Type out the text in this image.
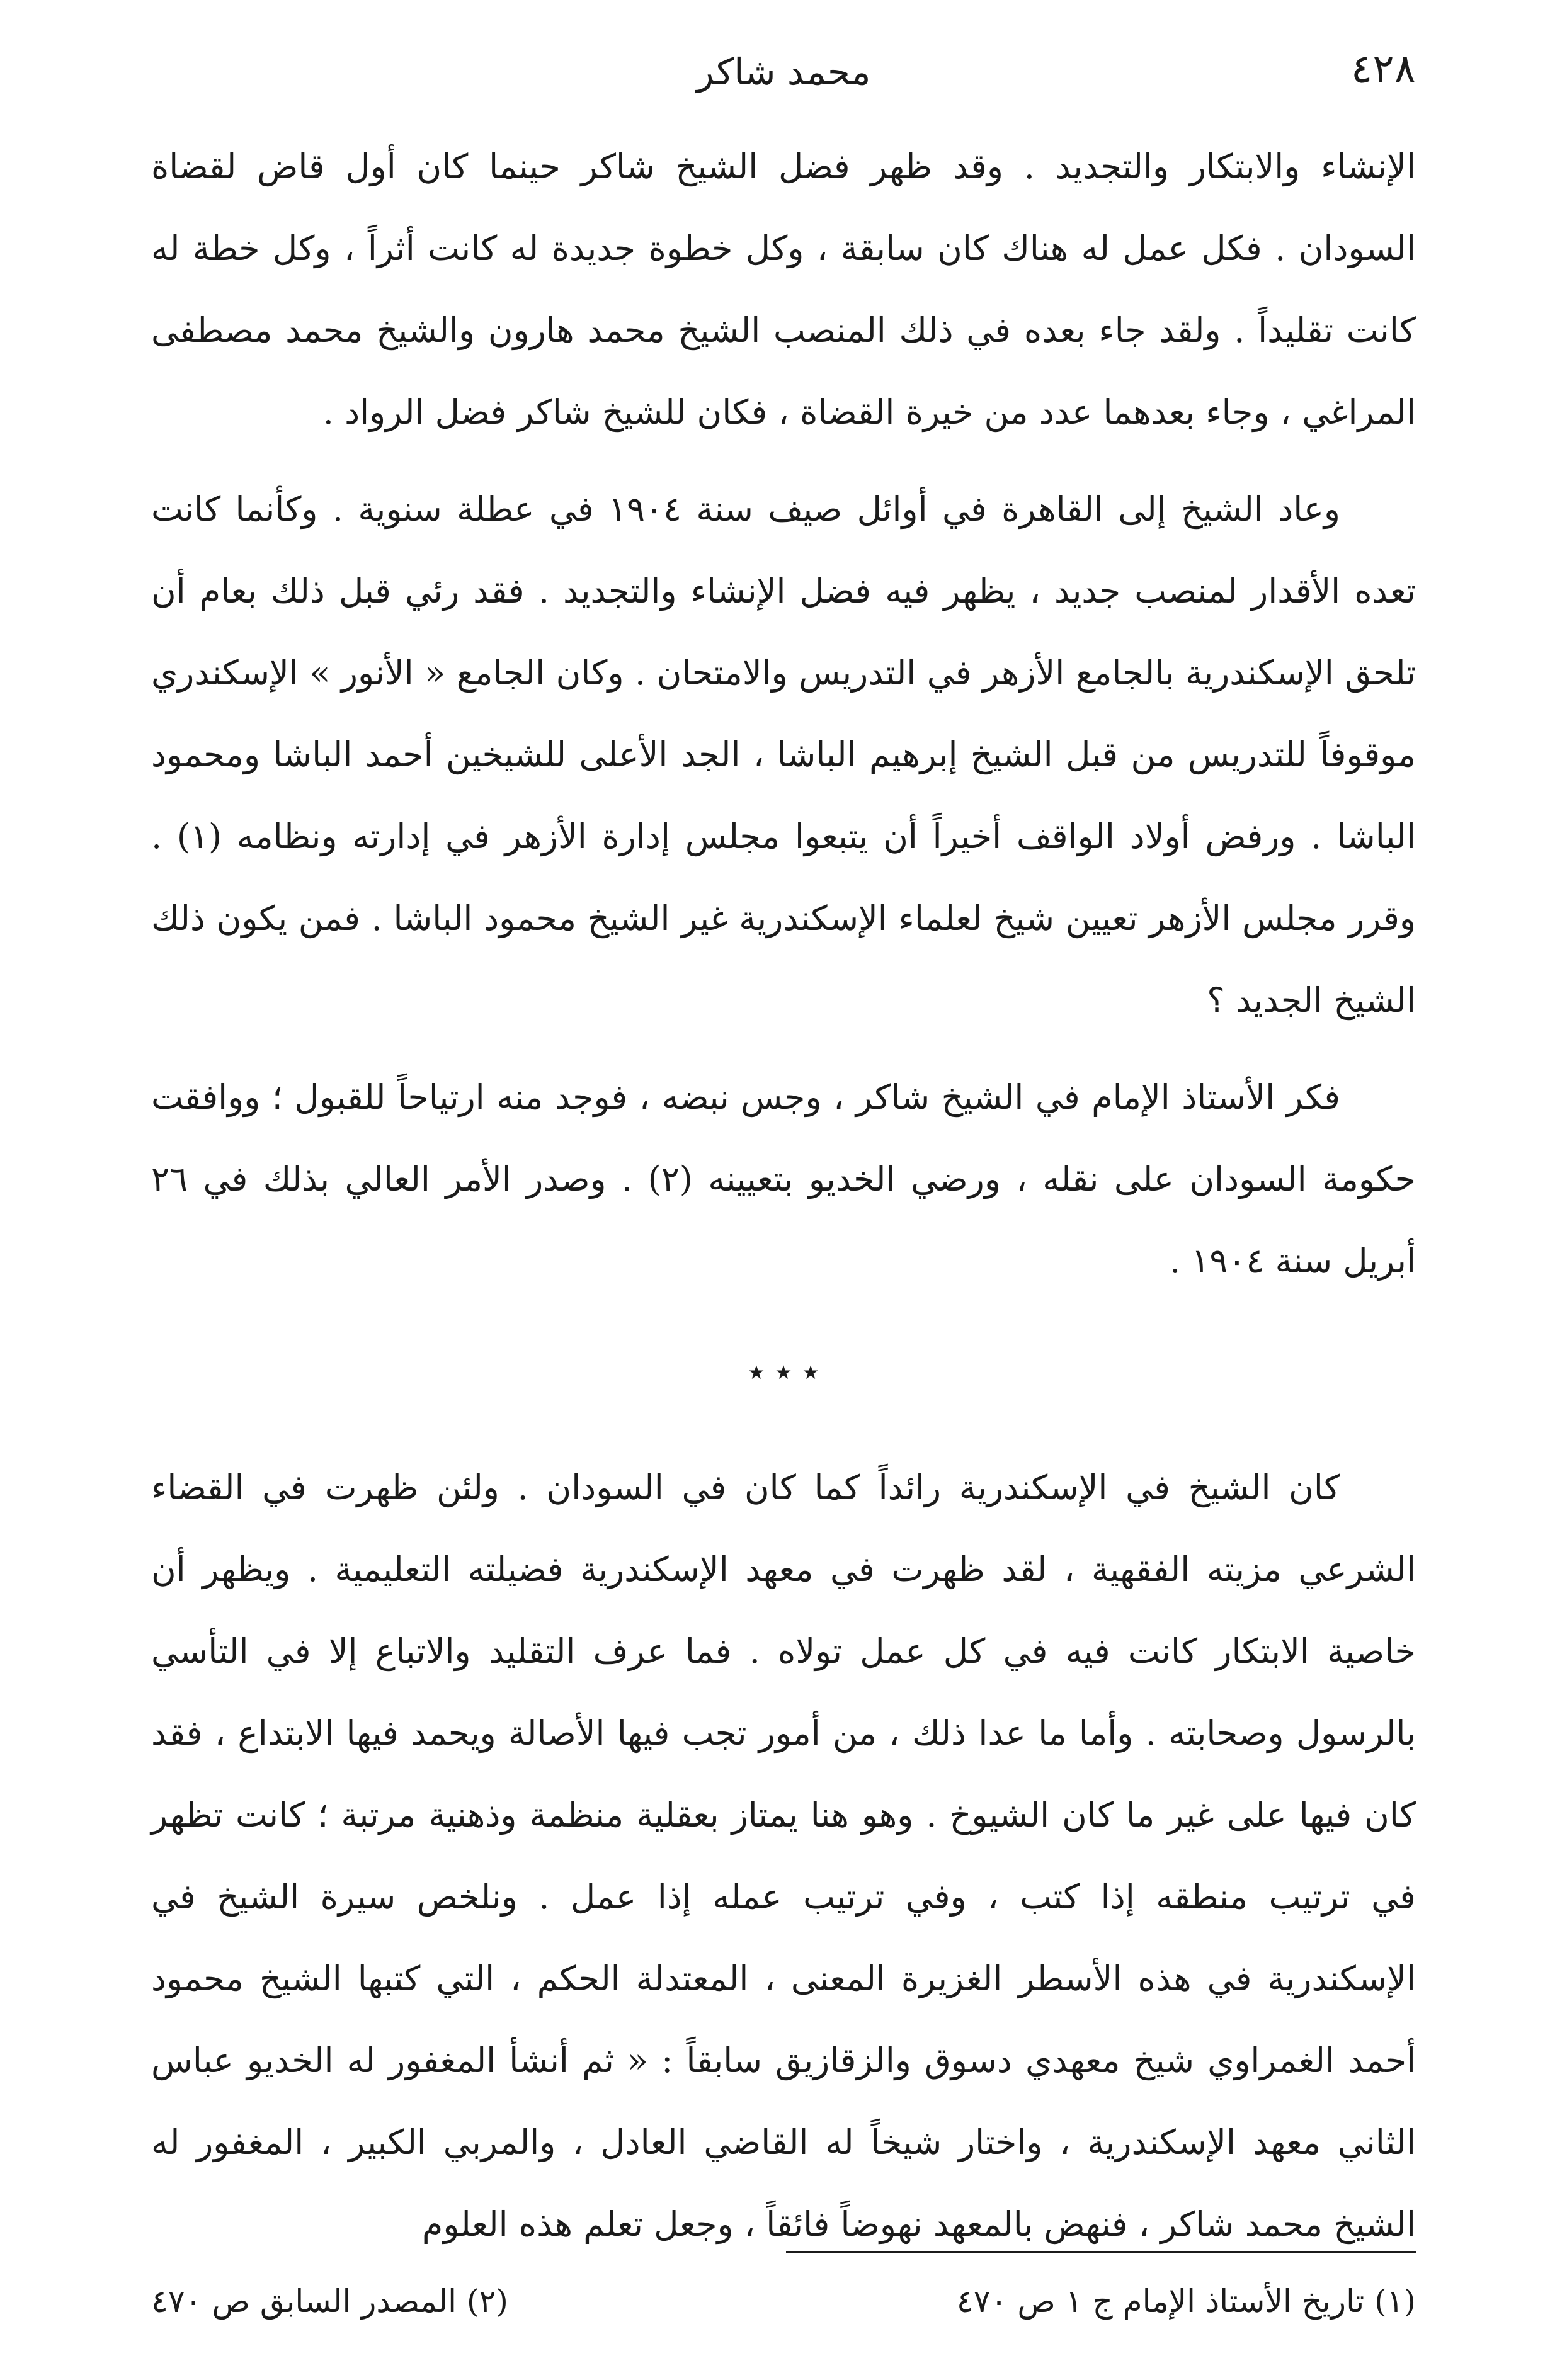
٤٢٨
محمد شاكر

الإنشاء والابتكار والتجديد . وقد ظهر فضل الشيخ شاكر حينما كان أول قاض لقضاة السودان . فكل عمل له هناك كان سابقة ، وكل خطوة جديدة له كانت أثراً ، وكل خطة له كانت تقليداً . ولقد جاء بعده في ذلك المنصب الشيخ محمد هارون والشيخ محمد مصطفى المراغي ، وجاء بعدهما عدد من خيرة القضاة ، فكان للشيخ شاكر فضل الرواد .

وعاد الشيخ إلى القاهرة في أوائل صيف سنة ١٩٠٤ في عطلة سنوية . وكأنما كانت تعده الأقدار لمنصب جديد ، يظهر فيه فضل الإنشاء والتجديد . فقد رئي قبل ذلك بعام أن تلحق الإسكندرية بالجامع الأزهر في التدريس والامتحان . وكان الجامع « الأنور » الإسكندري موقوفاً للتدريس من قبل الشيخ إبرهيم الباشا ، الجد الأعلى للشيخين أحمد الباشا ومحمود الباشا . ورفض أولاد الواقف أخيراً أن يتبعوا مجلس إدارة الأزهر في إدارته ونظامه (١) . وقرر مجلس الأزهر تعيين شيخ لعلماء الإسكندرية غير الشيخ محمود الباشا . فمن يكون ذلك الشيخ الجديد ؟

فكر الأستاذ الإمام في الشيخ شاكر ، وجس نبضه ، فوجد منه ارتياحاً للقبول ؛ ووافقت حكومة السودان على نقله ، ورضي الخديو بتعيينه (٢) . وصدر الأمر العالي بذلك في ٢٦ أبريل سنة ١٩٠٤ .

٭ ٭ ٭

كان الشيخ في الإسكندرية رائداً كما كان في السودان . ولئن ظهرت في القضاء الشرعي مزيته الفقهية ، لقد ظهرت في معهد الإسكندرية فضيلته التعليمية . ويظهر أن خاصية الابتكار كانت فيه في كل عمل تولاه . فما عرف التقليد والاتباع إلا في التأسي بالرسول وصحابته . وأما ما عدا ذلك ، من أمور تجب فيها الأصالة ويحمد فيها الابتداع ، فقد كان فيها على غير ما كان الشيوخ . وهو هنا يمتاز بعقلية منظمة وذهنية مرتبة ؛ كانت تظهر في ترتيب منطقه إذا كتب ، وفي ترتيب عمله إذا عمل . ونلخص سيرة الشيخ في الإسكندرية في هذه الأسطر الغزيرة المعنى ، المعتدلة الحكم ، التي كتبها الشيخ محمود أحمد الغمراوي شيخ معهدي دسوق والزقازيق سابقاً : « ثم أنشأ المغفور له الخديو عباس الثاني معهد الإسكندرية ، واختار شيخاً له القاضي العادل ، والمربي الكبير ، المغفور له الشيخ محمد شاكر ، فنهض بالمعهد نهوضاً فائقاً ، وجعل تعلم هذه العلوم

(١) تاريخ الأستاذ الإمام ج ١ ص ٤٧٠
(٢) المصدر السابق ص ٤٧٠
